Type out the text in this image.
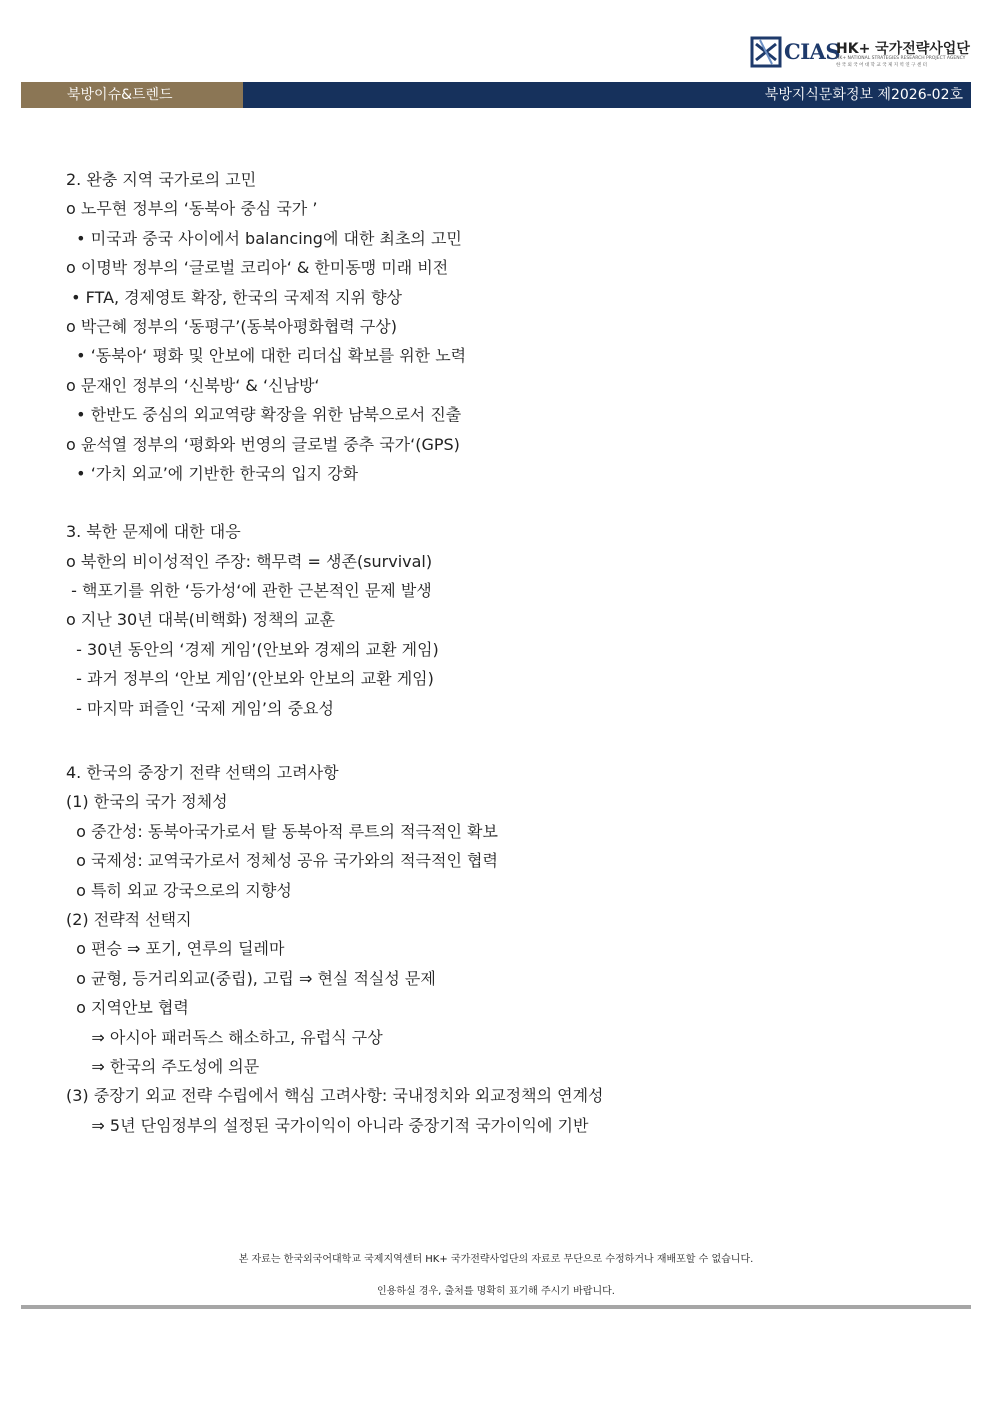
CIAS
HK+ 국가전략사업단
HK+ NATIONAL STRATEGIES RESEARCH PROJECT AGENCY
한 국 외 국 어 대 학 교 국 제 지 역 연 구 센 터
북방이슈&트렌드	북방지식문화정보 제2026-02호
2. 완충 지역 국가로의 고민
o 노무현 정부의 ‘동북아 중심 국가 ’
• 미국과 중국 사이에서 balancing에 대한 최초의 고민
o 이명박 정부의 ‘글로벌 코리아‘ & 한미동맹 미래 비전
• FTA, 경제영토 확장, 한국의 국제적 지위 향상
o 박근혜 정부의 ‘동평구’(동북아평화협력 구상)
• ‘동북아‘ 평화 및 안보에 대한 리더십 확보를 위한 노력
o 문재인 정부의 ‘신북방‘ & ‘신남방‘
• 한반도 중심의 외교역량 확장을 위한 남북으로서 진출
o 윤석열 정부의 ‘평화와 번영의 글로벌 중추 국가‘(GPS)
• ‘가치 외교’에 기반한 한국의 입지 강화
3. 북한 문제에 대한 대응
o 북한의 비이성적인 주장: 핵무력 = 생존(survival)
- 핵포기를 위한 ‘등가성‘에 관한 근본적인 문제 발생
o 지난 30년 대북(비핵화) 정책의 교훈
- 30년 동안의 ‘경제 게임’(안보와 경제의 교환 게임)
- 과거 정부의 ‘안보 게임’(안보와 안보의 교환 게임)
- 마지막 퍼즐인 ‘국제 게임’의 중요성
4. 한국의 중장기 전략 선택의 고려사항
(1) 한국의 국가 정체성
o 중간성: 동북아국가로서 탈 동북아적 루트의 적극적인 확보
o 국제성: 교역국가로서 정체성 공유 국가와의 적극적인 협력
o 특히 외교 강국으로의 지향성
(2) 전략적 선택지
o 편승 ⇒ 포기, 연루의 딜레마
o 균형, 등거리외교(중립), 고립 ⇒ 현실 적실성 문제
o 지역안보 협력
⇒ 아시아 패러독스 해소하고, 유럽식 구상
⇒ 한국의 주도성에 의문
(3) 중장기 외교 전략 수립에서 핵심 고려사항: 국내정치와 외교정책의 연계성
⇒ 5년 단임정부의 설정된 국가이익이 아니라 중장기적 국가이익에 기반
본 자료는 한국외국어대학교 국제지역센터 HK+ 국가전략사업단의 자료로 무단으로 수정하거나 재배포할 수 없습니다.
인용하실 경우, 출처를 명확히 표기해 주시기 바랍니다.
